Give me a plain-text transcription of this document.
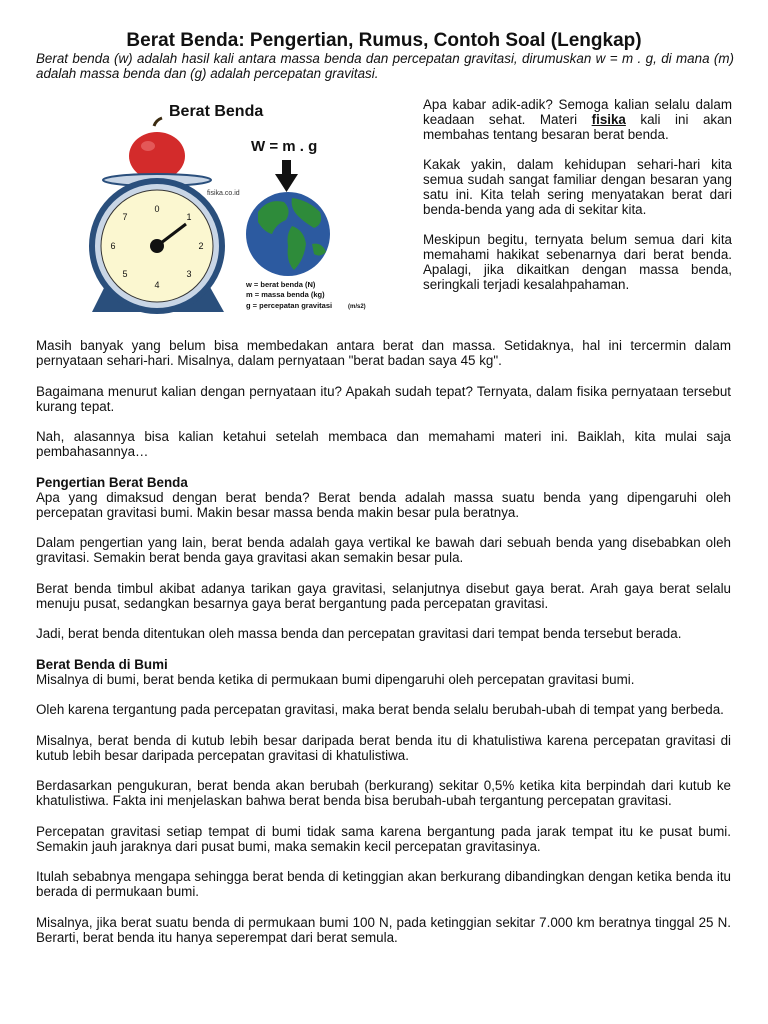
Berat Benda: Pengertian, Rumus, Contoh Soal (Lengkap)

Berat benda (w) adalah hasil kali antara massa benda dan percepatan gravitasi, dirumuskan w = m . g, di mana (m) adalah massa benda dan (g) adalah percepatan gravitasi.

Berat Benda
0
1
2
3
4
5
6
7
fisika.co.id
W = m . g
w = berat benda (N)
m = massa benda (kg)
g = percepatan gravitasi	(m/s2)

Apa kabar adik-adik? Semoga kalian selalu dalam keadaan sehat. Materi fisika kali ini akan membahas tentang besaran berat benda.

Kakak yakin, dalam kehidupan sehari-hari kita semua sudah sangat familiar dengan besaran yang satu ini. Kita telah sering menyatakan berat dari benda-benda yang ada di sekitar kita.

Meskipun begitu, ternyata belum semua dari kita memahami hakikat sebenarnya dari berat benda. Apalagi, jika dikaitkan dengan massa benda, seringkali terjadi kesalahpahaman.

Masih banyak yang belum bisa membedakan antara berat dan massa. Setidaknya, hal ini tercermin dalam pernyataan sehari-hari. Misalnya, dalam pernyataan "berat badan saya 45 kg".

Bagaimana menurut kalian dengan pernyataan itu? Apakah sudah tepat? Ternyata, dalam fisika pernyataan tersebut kurang tepat.

Nah, alasannya bisa kalian ketahui setelah membaca dan memahami materi ini. Baiklah, kita mulai saja pembahasannya…

Pengertian Berat Benda

Apa yang dimaksud dengan berat benda? Berat benda adalah massa suatu benda yang dipengaruhi oleh percepatan gravitasi bumi. Makin besar massa benda makin besar pula beratnya.

Dalam pengertian yang lain, berat benda adalah gaya vertikal ke bawah dari sebuah benda yang disebabkan oleh gravitasi. Semakin berat benda gaya gravitasi akan semakin besar pula.

Berat benda timbul akibat adanya tarikan gaya gravitasi, selanjutnya disebut gaya berat. Arah gaya berat selalu menuju pusat, sedangkan besarnya gaya berat bergantung pada percepatan gravitasi.

Jadi, berat benda ditentukan oleh massa benda dan percepatan gravitasi dari tempat benda tersebut berada.

Berat Benda di Bumi

Misalnya di bumi, berat benda ketika di permukaan bumi dipengaruhi oleh percepatan gravitasi bumi.

Oleh karena tergantung pada percepatan gravitasi, maka berat benda selalu berubah-ubah di tempat yang berbeda.

Misalnya, berat benda di kutub lebih besar daripada berat benda itu di khatulistiwa karena percepatan gravitasi di kutub lebih besar daripada percepatan gravitasi di khatulistiwa.

Berdasarkan pengukuran, berat benda akan berubah (berkurang) sekitar 0,5% ketika kita berpindah dari kutub ke khatulistiwa. Fakta ini menjelaskan bahwa berat benda bisa berubah-ubah tergantung percepatan gravitasi.

Percepatan gravitasi setiap tempat di bumi tidak sama karena bergantung pada jarak tempat itu ke pusat bumi. Semakin jauh jaraknya dari pusat bumi, maka semakin kecil percepatan gravitasinya.

Itulah sebabnya mengapa sehingga berat benda di ketinggian akan berkurang dibandingkan dengan ketika benda itu berada di permukaan bumi.

Misalnya, jika berat suatu benda di permukaan bumi 100 N, pada ketinggian sekitar 7.000 km beratnya tinggal 25 N. Berarti, berat benda itu hanya seperempat dari berat semula.
